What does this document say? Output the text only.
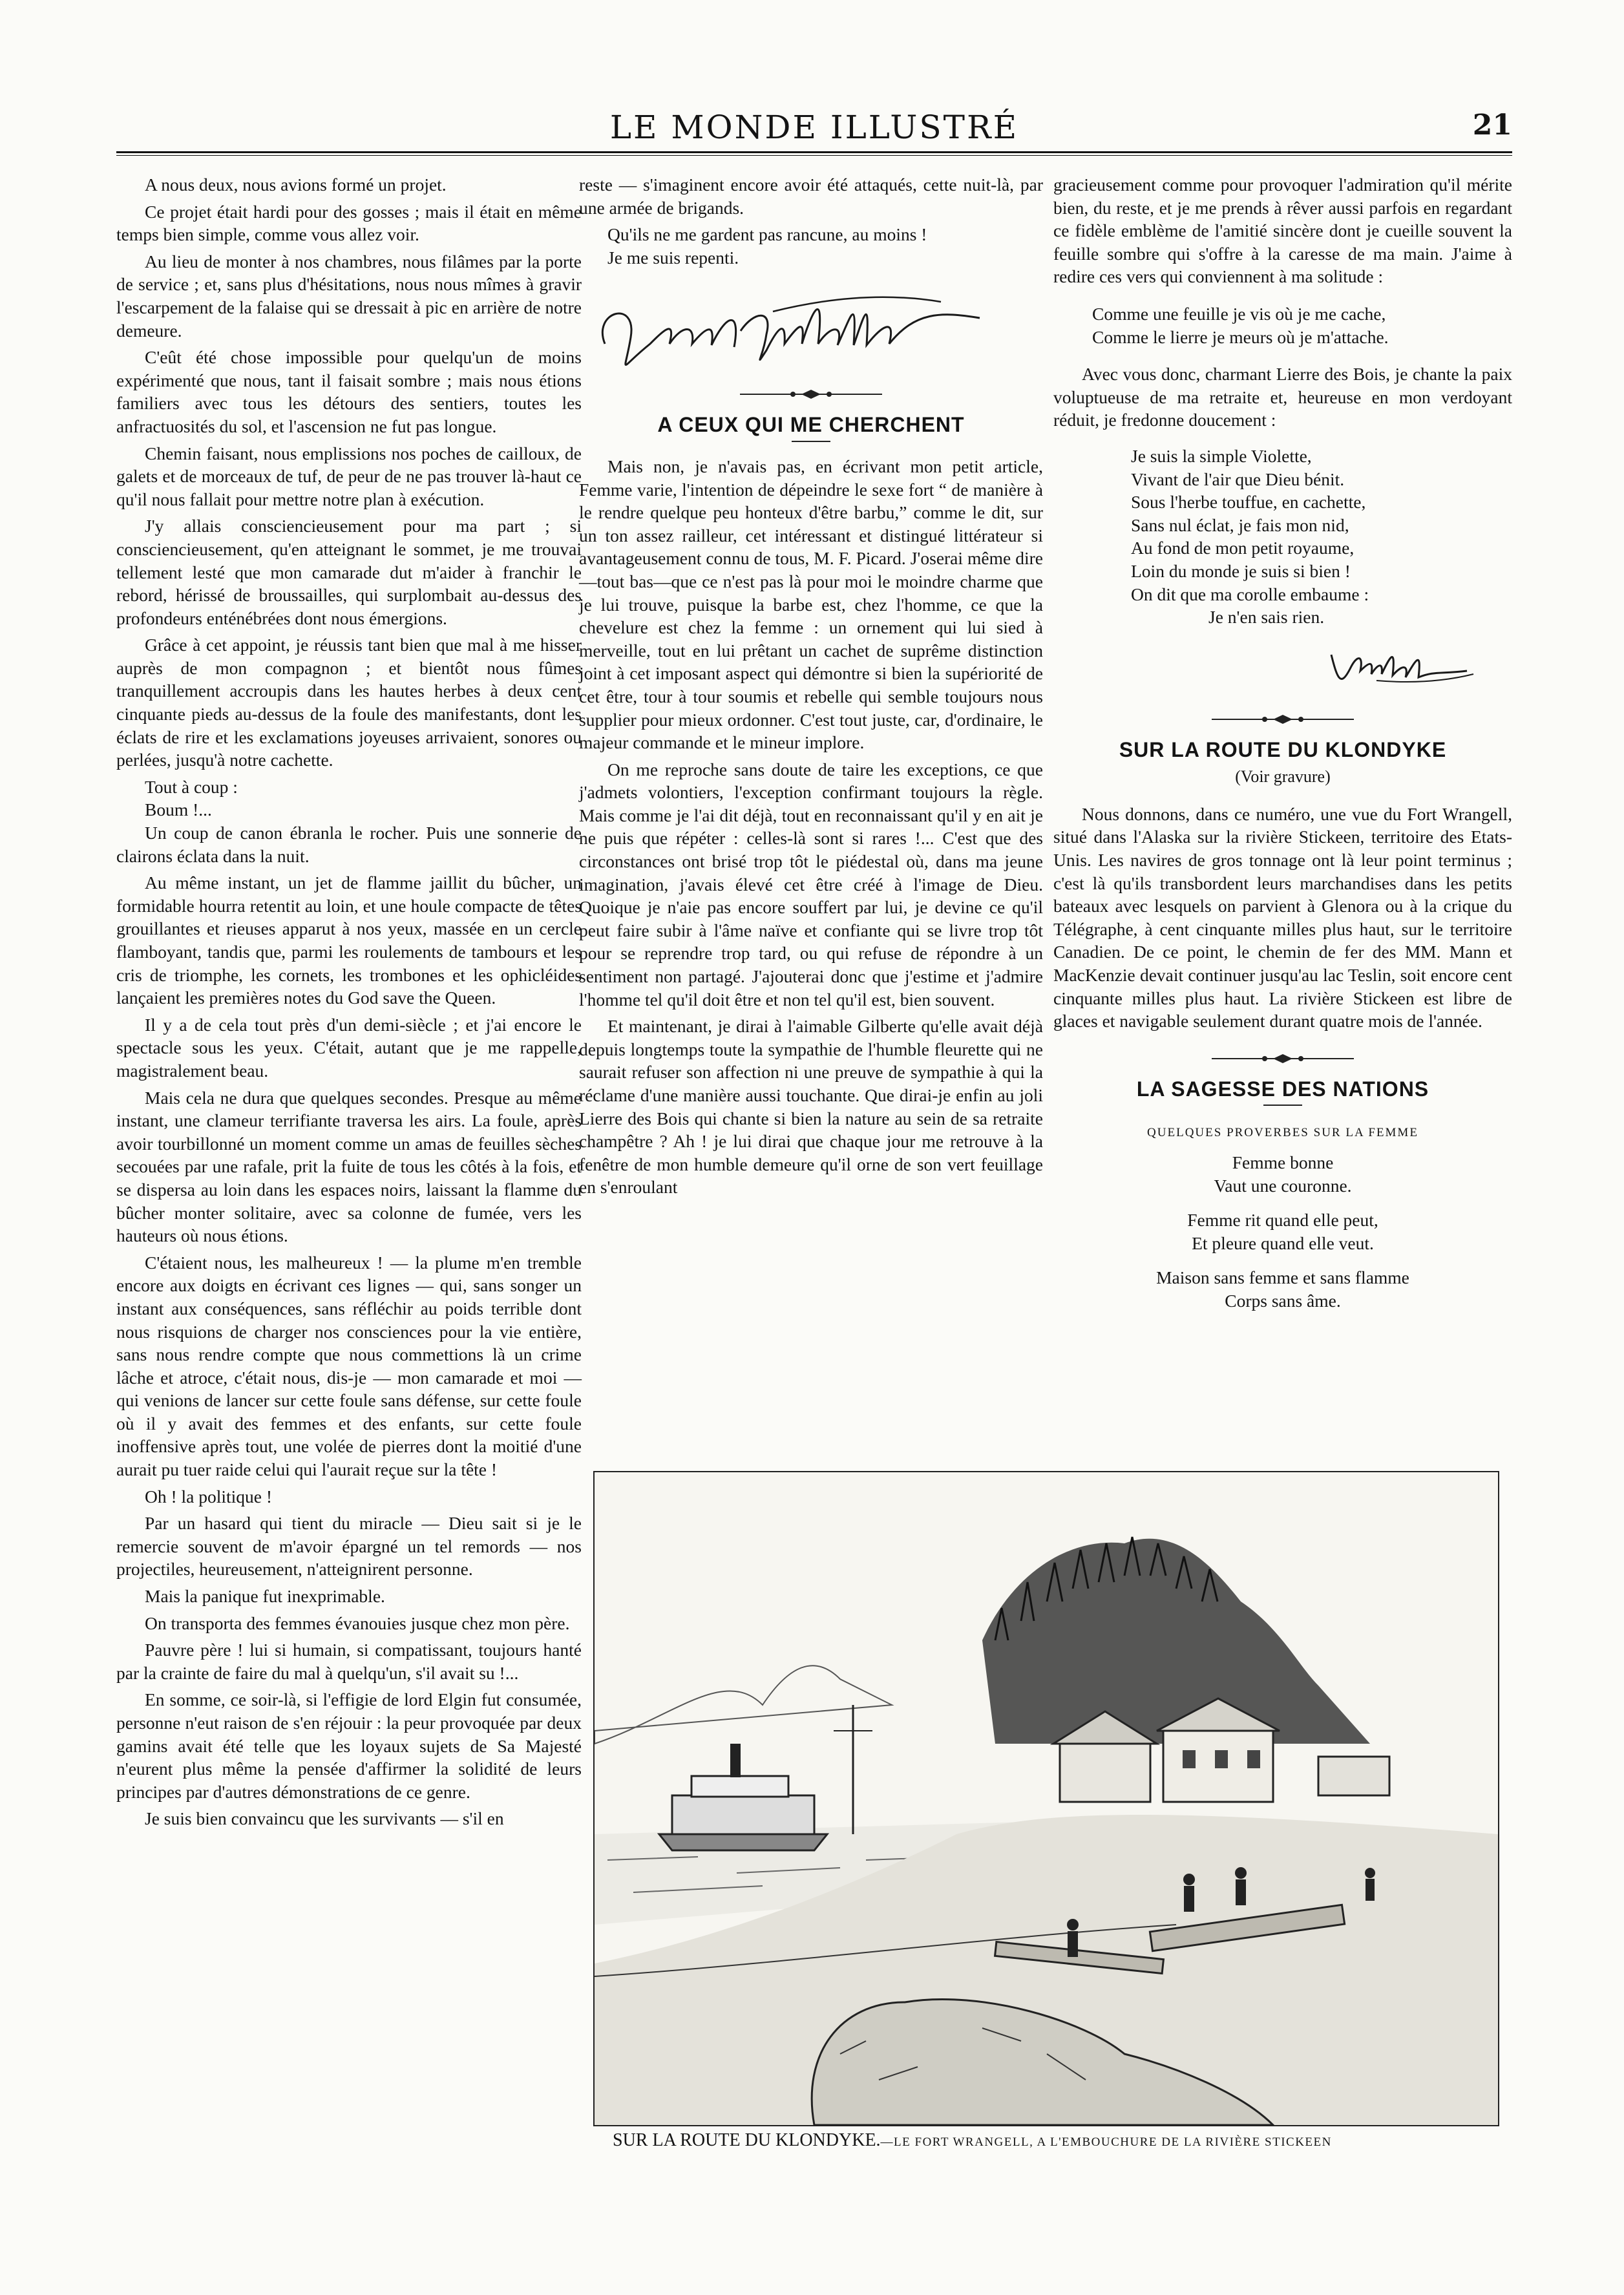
LE MONDE ILLUSTRÉ	21

A nous deux, nous avions formé un projet.

Ce projet était hardi pour des gosses ; mais il était en même temps bien simple, comme vous allez voir.

Au lieu de monter à nos chambres, nous filâmes par la porte de service ; et, sans plus d'hésitations, nous nous mîmes à gravir l'escarpement de la falaise qui se dressait à pic en arrière de notre demeure.

C'eût été chose impossible pour quelqu'un de moins expérimenté que nous, tant il faisait sombre ; mais nous étions familiers avec tous les détours des sentiers, toutes les anfractuosités du sol, et l'ascension ne fut pas longue.

Chemin faisant, nous emplissions nos poches de cailloux, de galets et de morceaux de tuf, de peur de ne pas trouver là-haut ce qu'il nous fallait pour mettre notre plan à exécution.

J'y allais consciencieusement pour ma part ; si consciencieusement, qu'en atteignant le sommet, je me trouvai tellement lesté que mon camarade dut m'aider à franchir le rebord, hérissé de broussailles, qui surplombait au-dessus des profondeurs enténébrées dont nous émergions.

Grâce à cet appoint, je réussis tant bien que mal à me hisser auprès de mon compagnon ; et bientôt nous fûmes tranquillement accroupis dans les hautes herbes à deux cent cinquante pieds au-dessus de la foule des manifestants, dont les éclats de rire et les exclamations joyeuses arrivaient, sonores ou perlées, jusqu'à notre cachette.

Tout à coup :

Boum !...

Un coup de canon ébranla le rocher. Puis une sonnerie de clairons éclata dans la nuit.

Au même instant, un jet de flamme jaillit du bûcher, un formidable hourra retentit au loin, et une houle compacte de têtes grouillantes et rieuses apparut à nos yeux, massée en un cercle flamboyant, tandis que, parmi les roulements de tambours et les cris de triomphe, les cornets, les trombones et les ophicléides lançaient les premières notes du God save the Queen.

Il y a de cela tout près d'un demi-siècle ; et j'ai encore le spectacle sous les yeux. C'était, autant que je me rappelle, magistralement beau.

Mais cela ne dura que quelques secondes. Presque au même instant, une clameur terrifiante traversa les airs. La foule, après avoir tourbillonné un moment comme un amas de feuilles sèches secouées par une rafale, prit la fuite de tous les côtés à la fois, et se dispersa au loin dans les espaces noirs, laissant la flamme du bûcher monter solitaire, avec sa colonne de fumée, vers les hauteurs où nous étions.

C'étaient nous, les malheureux ! — la plume m'en tremble encore aux doigts en écrivant ces lignes — qui, sans songer un instant aux conséquences, sans réfléchir au poids terrible dont nous risquions de charger nos consciences pour la vie entière, sans nous rendre compte que nous commettions là un crime lâche et atroce, c'était nous, dis-je — mon camarade et moi — qui venions de lancer sur cette foule sans défense, sur cette foule où il y avait des femmes et des enfants, sur cette foule inoffensive après tout, une volée de pierres dont la moitié d'une aurait pu tuer raide celui qui l'aurait reçue sur la tête !

Oh ! la politique !

Par un hasard qui tient du miracle — Dieu sait si je le remercie souvent de m'avoir épargné un tel remords — nos projectiles, heureusement, n'atteignirent personne.

Mais la panique fut inexprimable.

On transporta des femmes évanouies jusque chez mon père.

Pauvre père ! lui si humain, si compatissant, toujours hanté par la crainte de faire du mal à quelqu'un, s'il avait su !...

En somme, ce soir-là, si l'effigie de lord Elgin fut consumée, personne n'eut raison de s'en réjouir : la peur provoquée par deux gamins avait été telle que les loyaux sujets de Sa Majesté n'eurent plus même la pensée d'affirmer la solidité de leurs principes par d'autres démonstrations de ce genre.

Je suis bien convaincu que les survivants — s'il en

reste — s'imaginent encore avoir été attaqués, cette nuit-là, par une armée de brigands.

Qu'ils ne me gardent pas rancune, au moins !

Je me suis repenti.

A CEUX QUI ME CHERCHENT

Mais non, je n'avais pas, en écrivant mon petit article, Femme varie, l'intention de dépeindre le sexe fort “ de manière à le rendre quelque peu honteux d'être barbu,” comme le dit, sur un ton assez railleur, cet intéressant et distingué littérateur si avantageusement connu de tous, M. F. Picard. J'oserai même dire—tout bas—que ce n'est pas là pour moi le moindre charme que je lui trouve, puisque la barbe est, chez l'homme, ce que la chevelure est chez la femme : un ornement qui lui sied à merveille, tout en lui prêtant un cachet de suprême distinction joint à cet imposant aspect qui démontre si bien la supériorité de cet être, tour à tour soumis et rebelle qui semble toujours nous supplier pour mieux ordonner. C'est tout juste, car, d'ordinaire, le majeur commande et le mineur implore.

On me reproche sans doute de taire les exceptions, ce que j'admets volontiers, l'exception confirmant toujours la règle. Mais comme je l'ai dit déjà, tout en reconnaissant qu'il y en ait je ne puis que répéter : celles-là sont si rares !... C'est que des circonstances ont brisé trop tôt le piédestal où, dans ma jeune imagination, j'avais élevé cet être créé à l'image de Dieu. Quoique je n'aie pas encore souffert par lui, je devine ce qu'il peut faire subir à l'âme naïve et confiante qui se livre trop tôt pour se reprendre trop tard, ou qui refuse de répondre à un sentiment non partagé. J'ajouterai donc que j'estime et j'admire l'homme tel qu'il doit être et non tel qu'il est, bien souvent.

Et maintenant, je dirai à l'aimable Gilberte qu'elle avait déjà depuis longtemps toute la sympathie de l'humble fleurette qui ne saurait refuser son affection ni une preuve de sympathie à qui la réclame d'une manière aussi touchante. Que dirai-je enfin au joli Lierre des Bois qui chante si bien la nature au sein de sa retraite champêtre ? Ah ! je lui dirai que chaque jour me retrouve à la fenêtre de mon humble demeure qu'il orne de son vert feuillage en s'enroulant

gracieusement comme pour provoquer l'admiration qu'il mérite bien, du reste, et je me prends à rêver aussi parfois en regardant ce fidèle emblème de l'amitié sincère dont je cueille souvent la feuille sombre qui s'offre à la caresse de ma main. J'aime à redire ces vers qui conviennent à ma solitude :

Comme une feuille je vis où je me cache,
Comme le lierre je meurs où je m'attache.

Avec vous donc, charmant Lierre des Bois, je chante la paix voluptueuse de ma retraite et, heureuse en mon verdoyant réduit, je fredonne doucement :

Je suis la simple Violette,
Vivant de l'air que Dieu bénit.
Sous l'herbe touffue, en cachette,
Sans nul éclat, je fais mon nid,
Au fond de mon petit royaume,
Loin du monde je suis si bien !
On dit que ma corolle embaume :
Je n'en sais rien.
SUR LA ROUTE DU KLONDYKE
(Voir gravure)

Nous donnons, dans ce numéro, une vue du Fort Wrangell, situé dans l'Alaska sur la rivière Stickeen, territoire des Etats-Unis. Les navires de gros tonnage ont là leur point terminus ; c'est là qu'ils transbordent leurs marchandises dans les petits bateaux avec lesquels on parvient à Glenora ou à la crique du Télégraphe, à cent cinquante milles plus haut, sur le territoire Canadien. De ce point, le chemin de fer des MM. Mann et MacKenzie devait continuer jusqu'au lac Teslin, soit encore cent cinquante milles plus haut. La rivière Stickeen est libre de glaces et navigable seulement durant quatre mois de l'année.

LA SAGESSE DES NATIONS
QUELQUES PROVERBES SUR LA FEMME
Femme bonne
Vaut une couronne.
Femme rit quand elle peut,
Et pleure quand elle veut.
Maison sans femme et sans flamme
Corps sans âme.
SUR LA ROUTE DU KLONDYKE.—LE FORT WRANGELL, A L'EMBOUCHURE DE LA RIVIÈRE STICKEEN
